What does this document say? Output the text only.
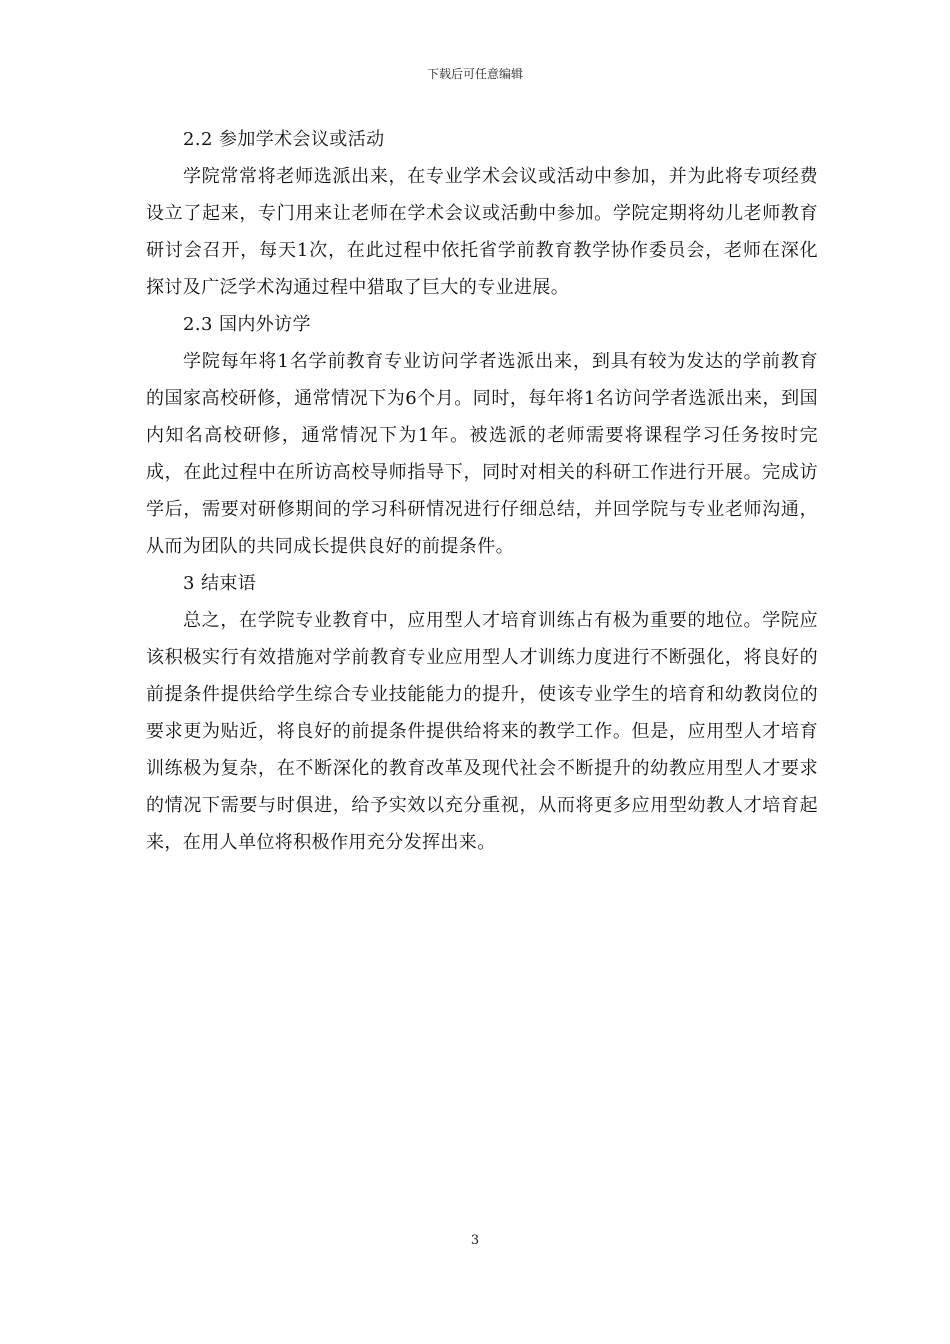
下载后可任意编辑

2.2 参加学术会议或活动

学院常常将老师选派出来，在专业学术会议或活动中参加，并为此将专项经费设立了起来，专门用来让老师在学术会议或活動中参加。学院定期将幼儿老师教育研讨会召开，每天1次，在此过程中依托省学前教育教学协作委员会，老师在深化探讨及广泛学术沟通过程中猎取了巨大的专业进展。

2.3 国内外访学

学院每年将1名学前教育专业访问学者选派出来，到具有较为发达的学前教育的国家高校研修，通常情况下为6个月。同时，每年将1名访问学者选派出来，到国内知名高校研修，通常情况下为1年。被选派的老师需要将课程学习任务按时完成，在此过程中在所访高校导师指导下，同时对相关的科研工作进行开展。完成访学后，需要对研修期间的学习科研情况进行仔细总结，并回学院与专业老师沟通，从而为团队的共同成长提供良好的前提条件。

3 结束语

总之，在学院专业教育中，应用型人才培育训练占有极为重要的地位。学院应该积极实行有效措施对学前教育专业应用型人才训练力度进行不断强化，将良好的前提条件提供给学生综合专业技能能力的提升，使该专业学生的培育和幼教岗位的要求更为贴近，将良好的前提条件提供给将来的教学工作。但是，应用型人才培育训练极为复杂，在不断深化的教育改革及现代社会不断提升的幼教应用型人才要求的情况下需要与时俱进，给予实效以充分重视，从而将更多应用型幼教人才培育起来，在用人单位将积极作用充分发挥出来。

3
